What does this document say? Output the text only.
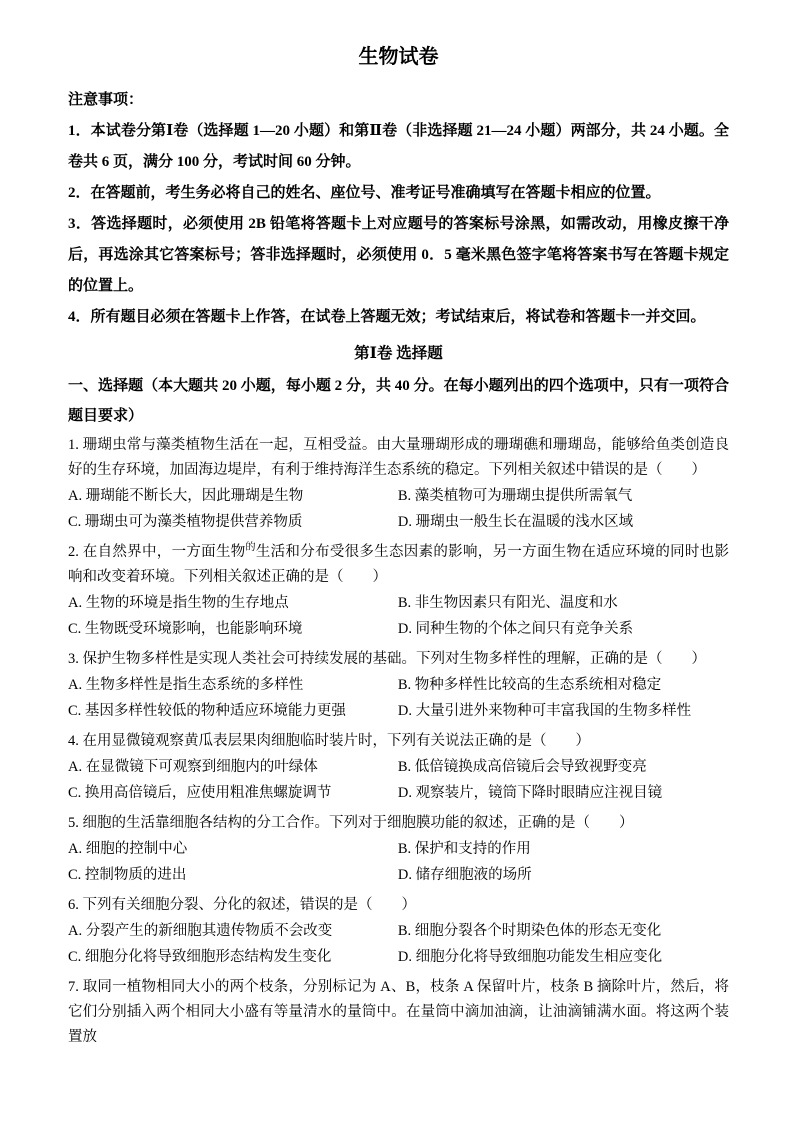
生物试卷

注意事项：

1．本试卷分第Ⅰ卷（选择题 1—20 小题）和第Ⅱ卷（非选择题 21—24 小题）两部分，共 24 小题。全卷共 6 页，满分 100 分，考试时间 60 分钟。

2．在答题前，考生务必将自己的姓名、座位号、准考证号准确填写在答题卡相应的位置。

3．答选择题时，必须使用 2B 铅笔将答题卡上对应题号的答案标号涂黑，如需改动，用橡皮擦干净后，再选涂其它答案标号；答非选择题时，必须使用 0．5 毫米黑色签字笔将答案书写在答题卡规定的位置上。

4．所有题目必须在答题卡上作答，在试卷上答题无效；考试结束后，将试卷和答题卡一并交回。

第Ⅰ卷 选择题

一、选择题（本大题共 20 小题，每小题 2 分，共 40 分。在每小题列出的四个选项中，只有一项符合题目要求）

1. 珊瑚虫常与藻类植物生活在一起，互相受益。由大量珊瑚形成的珊瑚礁和珊瑚岛，能够给鱼类创造良好的生存环境，加固海边堤岸，有利于维持海洋生态系统的稳定。下列相关叙述中错误的是（　　）

A. 珊瑚能不断长大，因此珊瑚是生物	B. 藻类植物可为珊瑚虫提供所需氧气
C. 珊瑚虫可为藻类植物提供营养物质	D. 珊瑚虫一般生长在温暖的浅水区域

2. 在自然界中，一方面生物$^的$生活和分布受很多生态因素的影响，另一方面生物在适应环境的同时也影响和改变着环境。下列相关叙述正确的是（　　）

A. 生物的环境是指生物的生存地点	B. 非生物因素只有阳光、温度和水
C. 生物既受环境影响，也能影响环境	D. 同种生物的个体之间只有竞争关系

3. 保护生物多样性是实现人类社会可持续发展的基础。下列对生物多样性的理解，正确的是（　　）

A. 生物多样性是指生态系统的多样性	B. 物种多样性比较高的生态系统相对稳定
C. 基因多样性较低的物种适应环境能力更强	D. 大量引进外来物种可丰富我国的生物多样性

4. 在用显微镜观察黄瓜表层果肉细胞临时装片时，下列有关说法正确的是（　　）

A. 在显微镜下可观察到细胞内的叶绿体	B. 低倍镜换成高倍镜后会导致视野变亮
C. 换用高倍镜后，应使用粗准焦螺旋调节	D. 观察装片，镜筒下降时眼睛应注视目镜

5. 细胞的生活靠细胞各结构的分工合作。下列对于细胞膜功能的叙述，正确的是（　　）

A. 细胞的控制中心	B. 保护和支持的作用
C. 控制物质的进出	D. 储存细胞液的场所

6. 下列有关细胞分裂、分化的叙述，错误的是（　　）

A. 分裂产生的新细胞其遗传物质不会改变	B. 细胞分裂各个时期染色体的形态无变化
C. 细胞分化将导致细胞形态结构发生变化	D. 细胞分化将导致细胞功能发生相应变化

7. 取同一植物相同大小的两个枝条，分别标记为 A、B，枝条 A 保留叶片，枝条 B 摘除叶片，然后，将它们分别插入两个相同大小盛有等量清水的量筒中。在量筒中滴加油滴，让油滴铺满水面。将这两个装置放
